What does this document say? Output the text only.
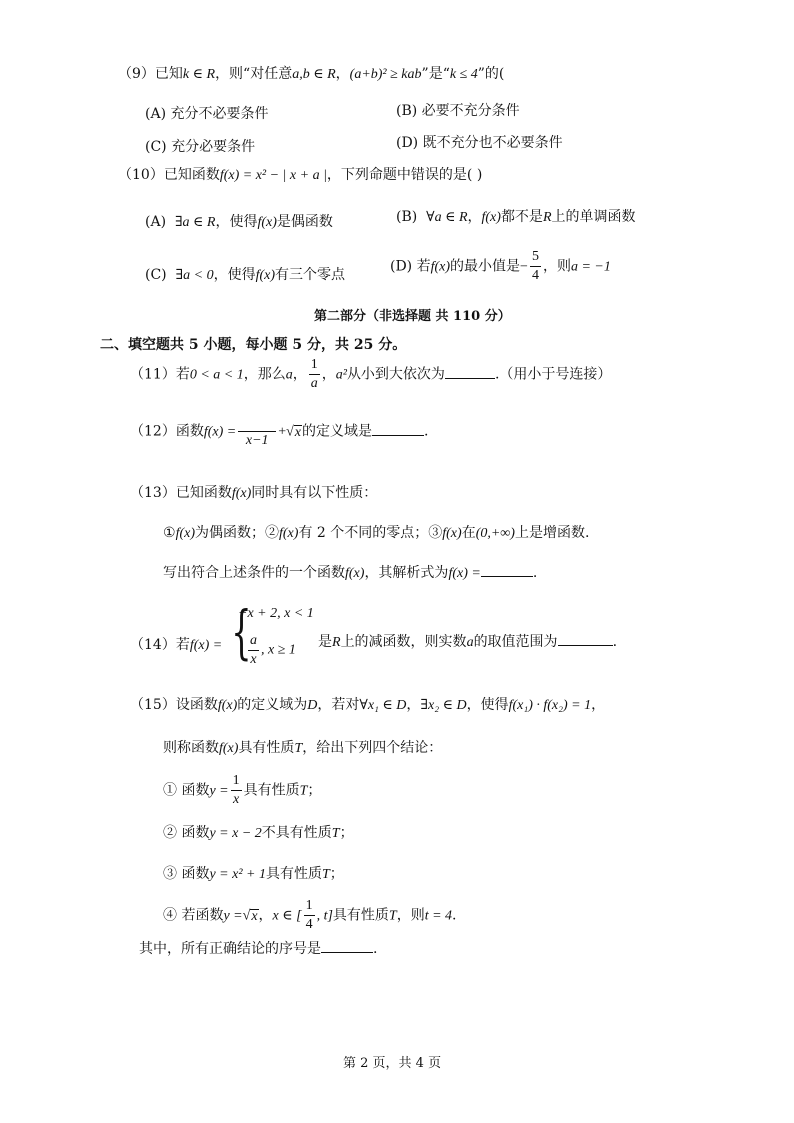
（9）已知k ∈ R，则“对任意a,b ∈ R，(a+b)² ≥ kab”是“k ≤ 4”的(
(A) 充分不必要条件	(B) 必要不充分条件
(C) 充分必要条件	(D) 既不充分也不必要条件
（10）已知函数f(x) = x² − | x + a |，下列命题中错误的是( )
(A) ∃a ∈ R，使得f(x)是偶函数	(B) ∀a ∈ R，f(x)都不是R上的单调函数
(C) ∃a < 0，使得f(x)有三个零点
(D) 若f(x)的最小值是− $\frac{5}{4}$ ，则a = −1
第二部分（非选择题 共 110 分）
二、填空题共 5 小题，每小题 5 分，共 25 分。
（11）若0 < a < 1，那么a， $\frac{1}{a}$ ，a²从小到大依次为	.（用小于号连接）
（12）函数f(x) =

x−1
+√x的定义域是	.
（13）已知函数f(x)同时具有以下性质：
①f(x)为偶函数；②f(x)有 2 个不同的零点；③f(x)在(0,+∞)上是增函数.
写出符合上述条件的一个函数f(x)，其解析式为f(x) =	.
（14）若f(x) = {
−x + 2, x < 1
$\frac{a}{x}$ , x ≥ 1
是R上的减函数，则实数a的取值范围为	.
（15）设函数f(x)的定义域为D，若对∀x₁ ∈ D，∃x₂ ∈ D，使得f(x₁) · f(x₂) = 1，
则称函数f(x)具有性质T，给出下列四个结论：
① 函数$y = \frac{1}{x}$ 具有性质T；
② 函数y = x − 2不具有性质T；
③ 函数y = x² + 1具有性质T；
④ 若函数y =√x，x ∈ [ $\frac{1}{4}$ , t]具有性质T，则t = 4.
其中，所有正确结论的序号是	.
第 2 页，共 4 页
